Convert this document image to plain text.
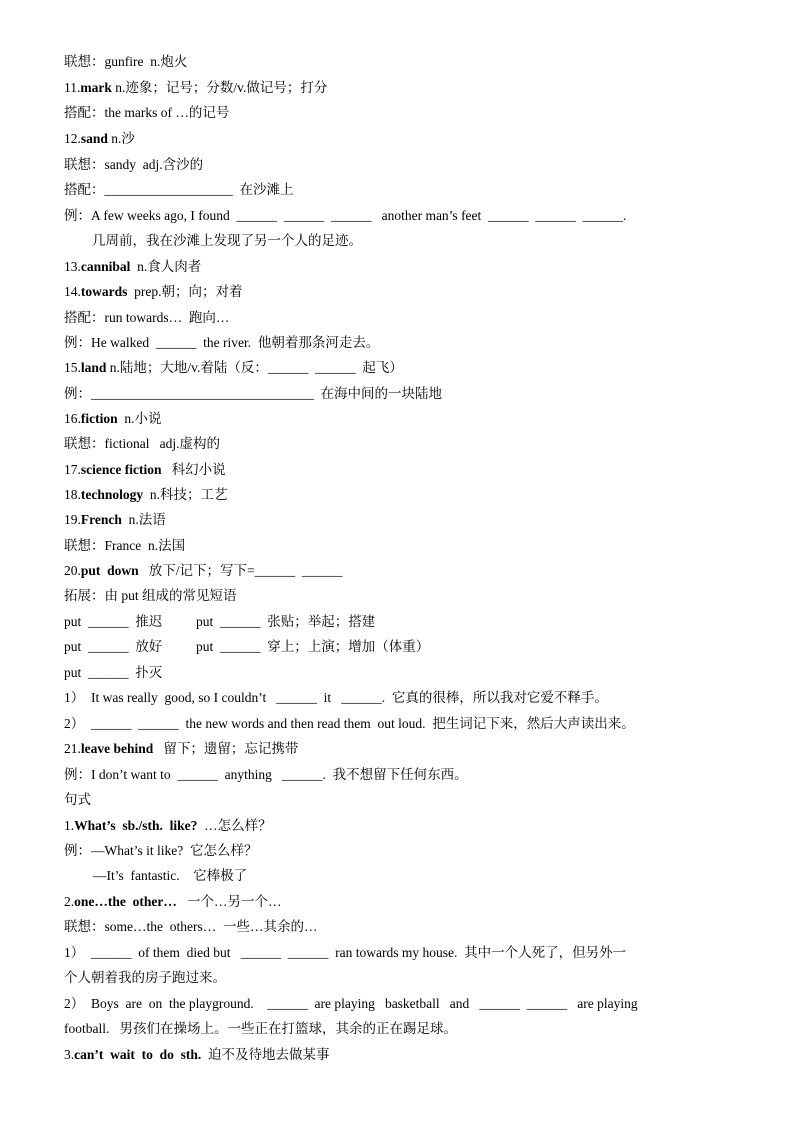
联想：gunfire  n.炮火
11.mark n.迹象；记号；分数/v.做记号；打分
搭配：the marks of …的记号
12.sand n.沙
联想：sandy  adj.含沙的
搭配：___________________  在沙滩上
例：A few weeks ago, I found  ______  ______  ______   another man’s feet  ______  ______  ______.
几周前，我在沙滩上发现了另一个人的足迹。
13.cannibal  n.食人肉者
14.towards  prep.朝；向；对着
搭配：run towards…  跑向…
例：He walked  ______  the river.  他朝着那条河走去。
15.land n.陆地；大地/v.着陆（反：______  ______  起飞）
例：_________________________________  在海中间的一块陆地
16.fiction  n.小说
联想：fictional   adj.虚构的
17.science fiction   科幻小说
18.technology  n.科技；工艺
19.French  n.法语
联想：France  n.法国
20.put  down   放下/记下；写下=______  ______
拓展：由 put 组成的常见短语
put  ______  推迟          put  ______  张贴；举起；搭建
put  ______  放好          put  ______  穿上；上演；增加（体重）
put  ______  扑灭
1）  It was really  good, so I couldn’t   ______  it   ______.  它真的很棒，所以我对它爱不释手。
2）  ______  ______  the new words and then read them  out loud.  把生词记下来，然后大声读出来。
21.leave behind   留下；遗留；忘记携带
例：I don’t want to  ______  anything   ______.  我不想留下任何东西。
句式
1.What’s  sb./sth.  like?  …怎么样？
例：—What’s it like?  它怎么样？
—It’s  fantastic.    它棒极了
2.one…the  other…   一个…另一个…
联想：some…the  others…  一些…其余的…
1）  ______  of them  died but   ______  ______  ran towards my house.  其中一个人死了，但另外一
个人朝着我的房子跑过来。
2）  Boys  are  on  the playground.    ______  are playing   basketball   and   ______  ______   are playing
football.   男孩们在操场上。一些正在打篮球，其余的正在踢足球。
3.can’t  wait  to  do  sth.  迫不及待地去做某事
